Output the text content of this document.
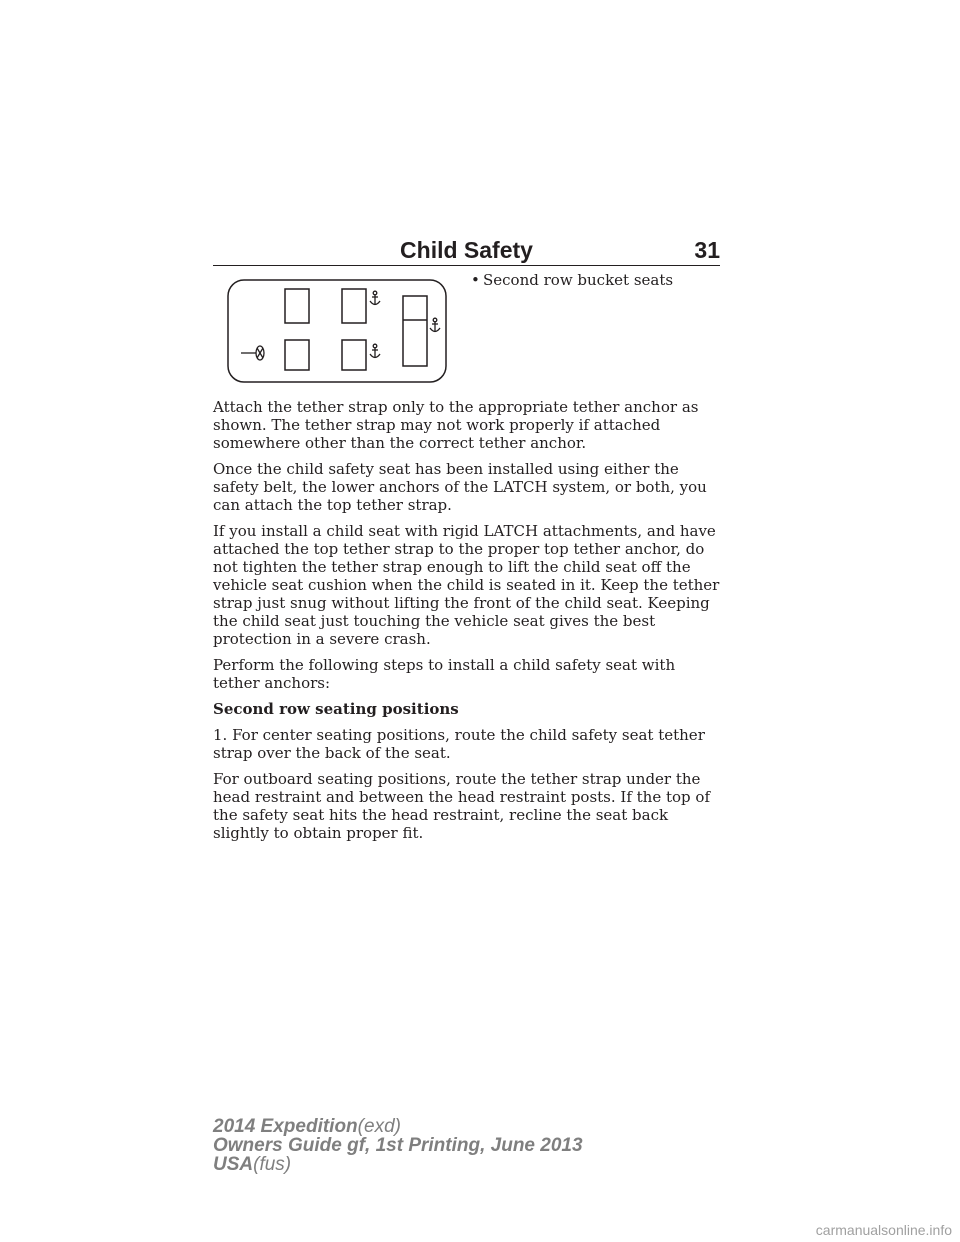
Child Safety	31
• Second row bucket seats

Attach the tether strap only to the appropriate tether anchor as shown. The tether strap may not work properly if attached somewhere other than the correct tether anchor.

Once the child safety seat has been installed using either the safety belt, the lower anchors of the LATCH system, or both, you can attach the top tether strap.

If you install a child seat with rigid LATCH attachments, and have attached the top tether strap to the proper top tether anchor, do not tighten the tether strap enough to lift the child seat off the vehicle seat cushion when the child is seated in it. Keep the tether strap just snug without lifting the front of the child seat. Keeping the child seat just touching the vehicle seat gives the best protection in a severe crash.

Perform the following steps to install a child safety seat with tether anchors:

Second row seating positions

1. For center seating positions, route the child safety seat tether strap over the back of the seat.

For outboard seating positions, route the tether strap under the head restraint and between the head restraint posts. If the top of the safety seat hits the head restraint, recline the seat back slightly to obtain proper fit.

2014 Expedition(exd)
Owners Guide gf, 1st Printing, June 2013
USA(fus)
carmanualsonline.info
